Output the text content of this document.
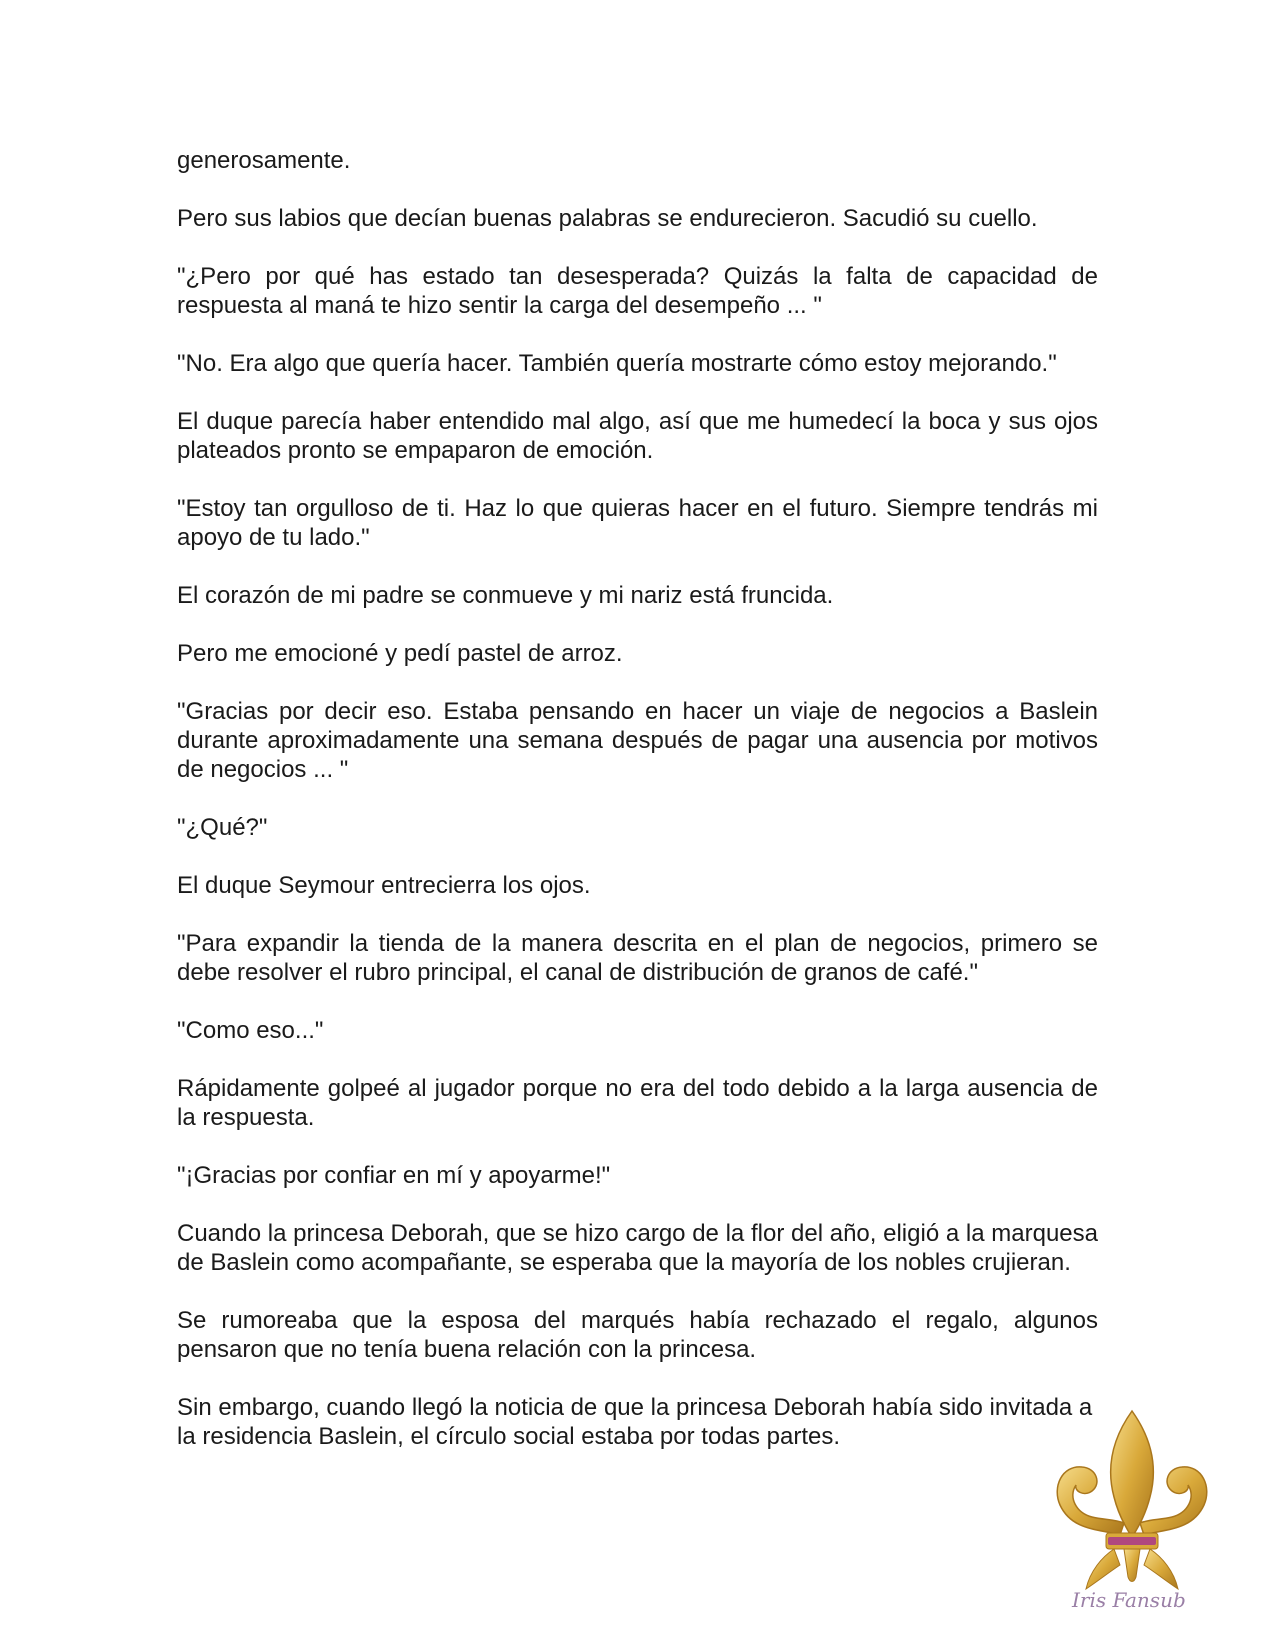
generosamente.

Pero sus labios que decían buenas palabras se endurecieron. Sacudió su cuello.

"¿Pero por qué has estado tan desesperada? Quizás la falta de capacidad de respuesta al maná te hizo sentir la carga del desempeño ... "

"No. Era algo que quería hacer. También quería mostrarte cómo estoy mejorando."

El duque parecía haber entendido mal algo, así que me humedecí la boca y sus ojos plateados pronto se empaparon de emoción.

"Estoy tan orgulloso de ti. Haz lo que quieras hacer en el futuro. Siempre tendrás mi apoyo de tu lado."

El corazón de mi padre se conmueve y mi nariz está fruncida.

Pero me emocioné y pedí pastel de arroz.

"Gracias por decir eso. Estaba pensando en hacer un viaje de negocios a Baslein durante aproximadamente una semana después de pagar una ausencia por motivos de negocios ... "

"¿Qué?"

El duque Seymour entrecierra los ojos.

"Para expandir la tienda de la manera descrita en el plan de negocios, primero se debe resolver el rubro principal, el canal de distribución de granos de café."

"Como eso..."

Rápidamente golpeé al jugador porque no era del todo debido a la larga ausencia de la respuesta.

"¡Gracias por confiar en mí y apoyarme!"

Cuando la princesa Deborah, que se hizo cargo de la flor del año, eligió a la marquesa de Baslein como acompañante, se esperaba que la mayoría de los nobles crujieran.

Se rumoreaba que la esposa del marqués había rechazado el regalo, algunos pensaron que no tenía buena relación con la princesa.

Sin embargo, cuando llegó la noticia de que la princesa Deborah había sido invitada a la residencia Baslein, el círculo social estaba por todas partes.

Iris Fansub
